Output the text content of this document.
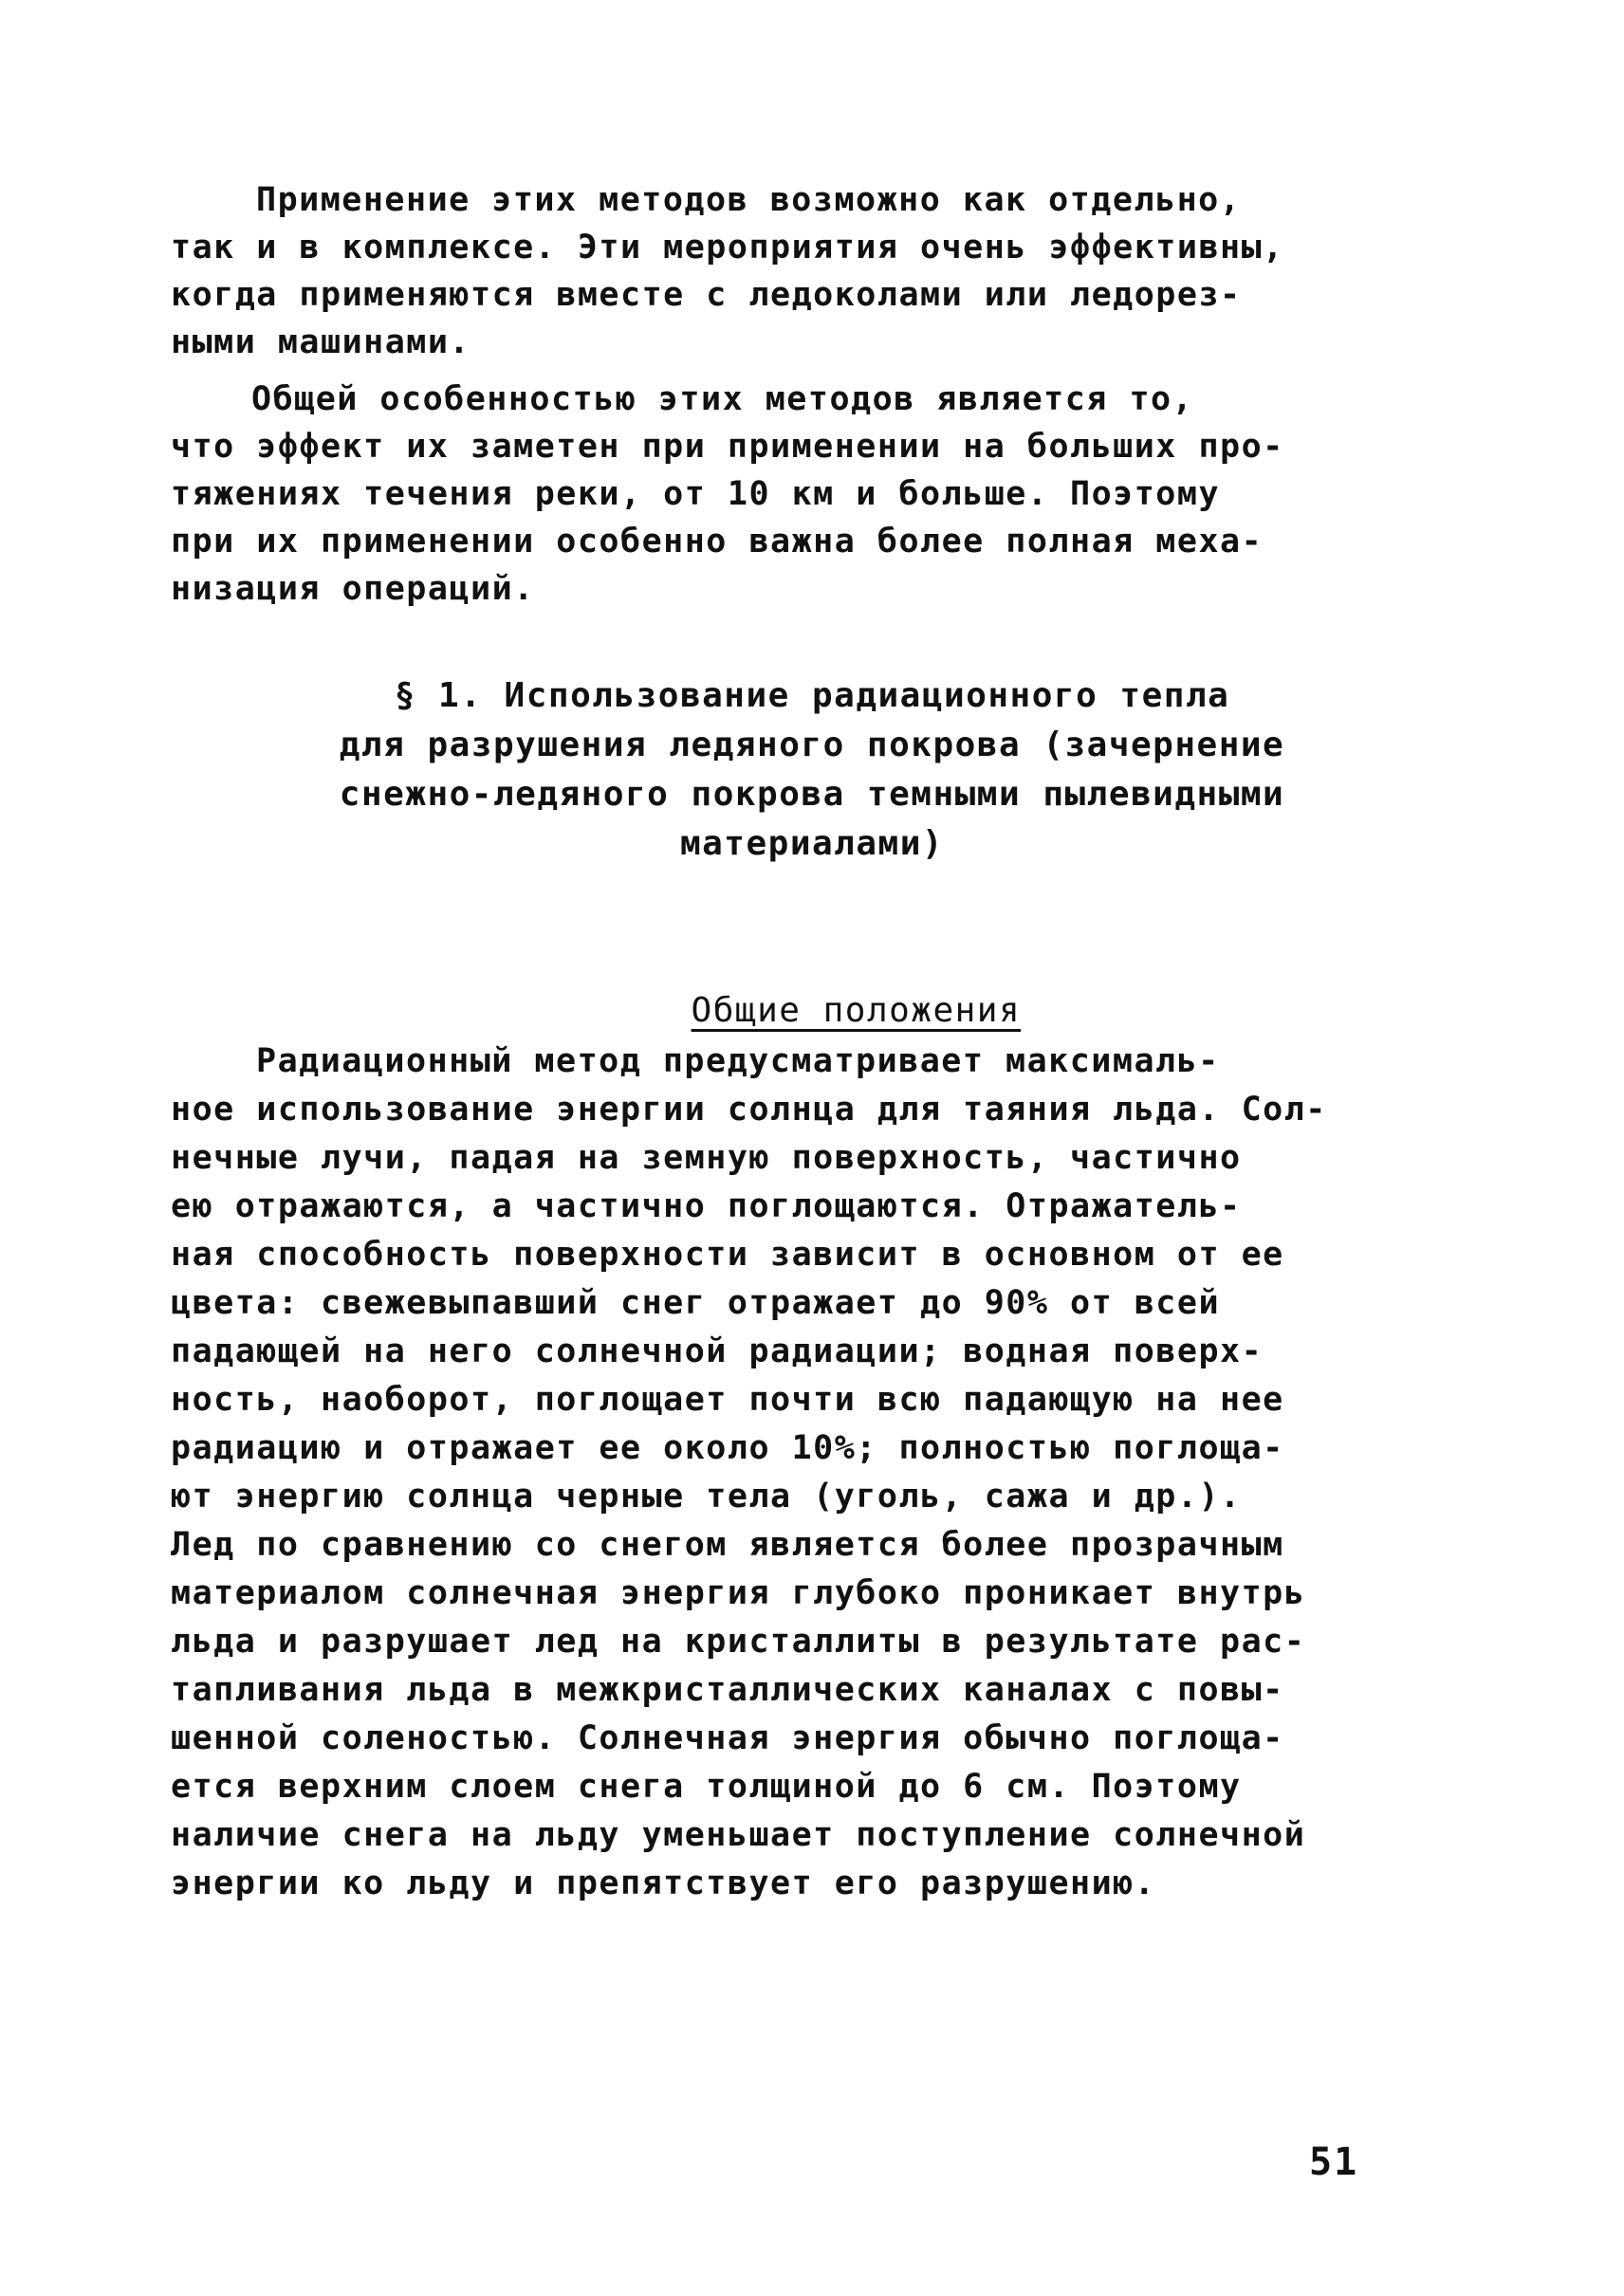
Применение этих методов возможно как отдельно,

так и в комплексе. Эти мероприятия очень эффективны,

когда применяются вместе с ледоколами или ледорез-

ными машинами.

Общей особенностью этих методов является то,

что эффект их заметен при применении на больших про-

тяжениях течения реки, от 10 км и больше. Поэтому

при их применении особенно важна более полная меха-

низация операций.

§ 1. Использование радиационного тепла
для разрушения ледяного покрова (зачернение
снежно-ледяного покрова темными пылевидными
материалами)

Общие положения

Радиационный метод предусматривает максималь-

ное использование энергии солнца для таяния льда. Сол-

нечные лучи, падая на земную поверхность, частично

ею отражаются, а частично поглощаются. Отражатель-

ная способность поверхности зависит в основном от ее

цвета: свежевыпавший снег отражает до 90% от всей

падающей на него солнечной радиации; водная поверх-

ность, наоборот, поглощает почти всю падающую на нее

радиацию и отражает ее около 10%; полностью поглоща-

ют энергию солнца черные тела (уголь, сажа и др.).

Лед по сравнению со снегом является более прозрачным

материалом солнечная энергия глубоко проникает внутрь

льда и разрушает лед на кристаллиты в результате рас-

тапливания льда в межкристаллических каналах с повы-

шенной соленостью. Солнечная энергия обычно поглоща-

ется верхним слоем снега толщиной до 6 см. Поэтому

наличие снега на льду уменьшает поступление солнечной

энергии ко льду и препятствует его разрушению.

51
